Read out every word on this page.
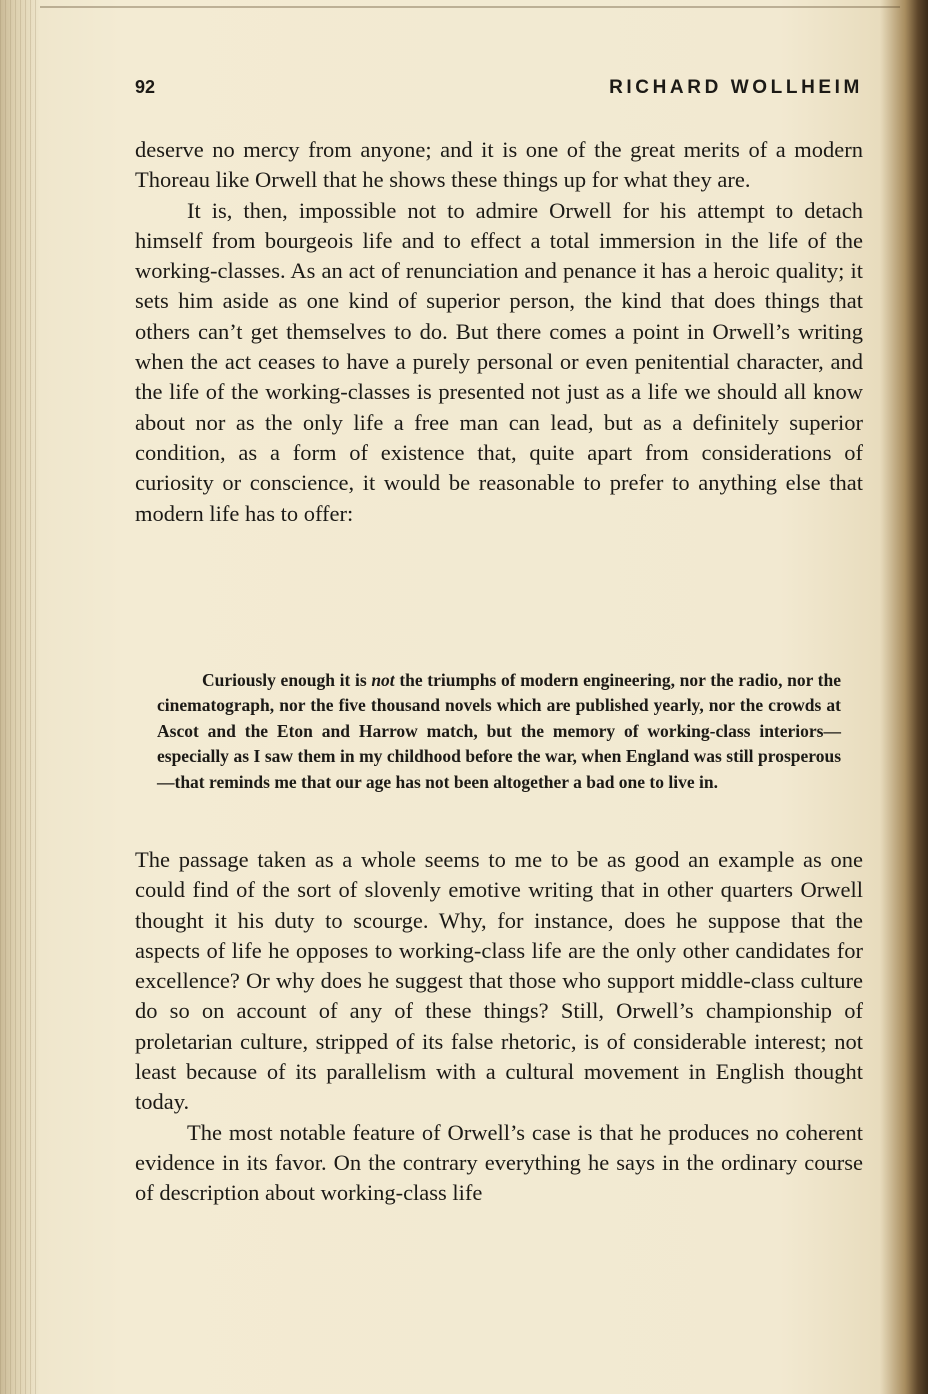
92	RICHARD WOLLHEIM

deserve no mercy from anyone; and it is one of the great merits of a modern Thoreau like Orwell that he shows these things up for what they are.

It is, then, impossible not to admire Orwell for his attempt to detach himself from bourgeois life and to effect a total immersion in the life of the working-classes. As an act of renunciation and penance it has a heroic quality; it sets him aside as one kind of superior person, the kind that does things that others can’t get themselves to do. But there comes a point in Orwell’s writing when the act ceases to have a purely personal or even penitential character, and the life of the working-classes is presented not just as a life we should all know about nor as the only life a free man can lead, but as a definitely superior condition, as a form of existence that, quite apart from considerations of curiosity or conscience, it would be reasonable to prefer to anything else that modern life has to offer:

Curiously enough it is not the triumphs of modern engineering, nor the radio, nor the cinematograph, nor the five thousand novels which are published yearly, nor the crowds at Ascot and the Eton and Harrow match, but the memory of working-class interiors—especially as I saw them in my childhood before the war, when England was still prosperous—that reminds me that our age has not been altogether a bad one to live in.

The passage taken as a whole seems to me to be as good an example as one could find of the sort of slovenly emotive writing that in other quarters Orwell thought it his duty to scourge. Why, for instance, does he suppose that the aspects of life he opposes to working-class life are the only other candidates for excellence? Or why does he suggest that those who support middle-class culture do so on account of any of these things? Still, Orwell’s championship of proletarian culture, stripped of its false rhetoric, is of considerable interest; not least because of its parallelism with a cultural movement in English thought today.

The most notable feature of Orwell’s case is that he produces no coherent evidence in its favor. On the contrary everything he says in the ordinary course of description about working-class life
